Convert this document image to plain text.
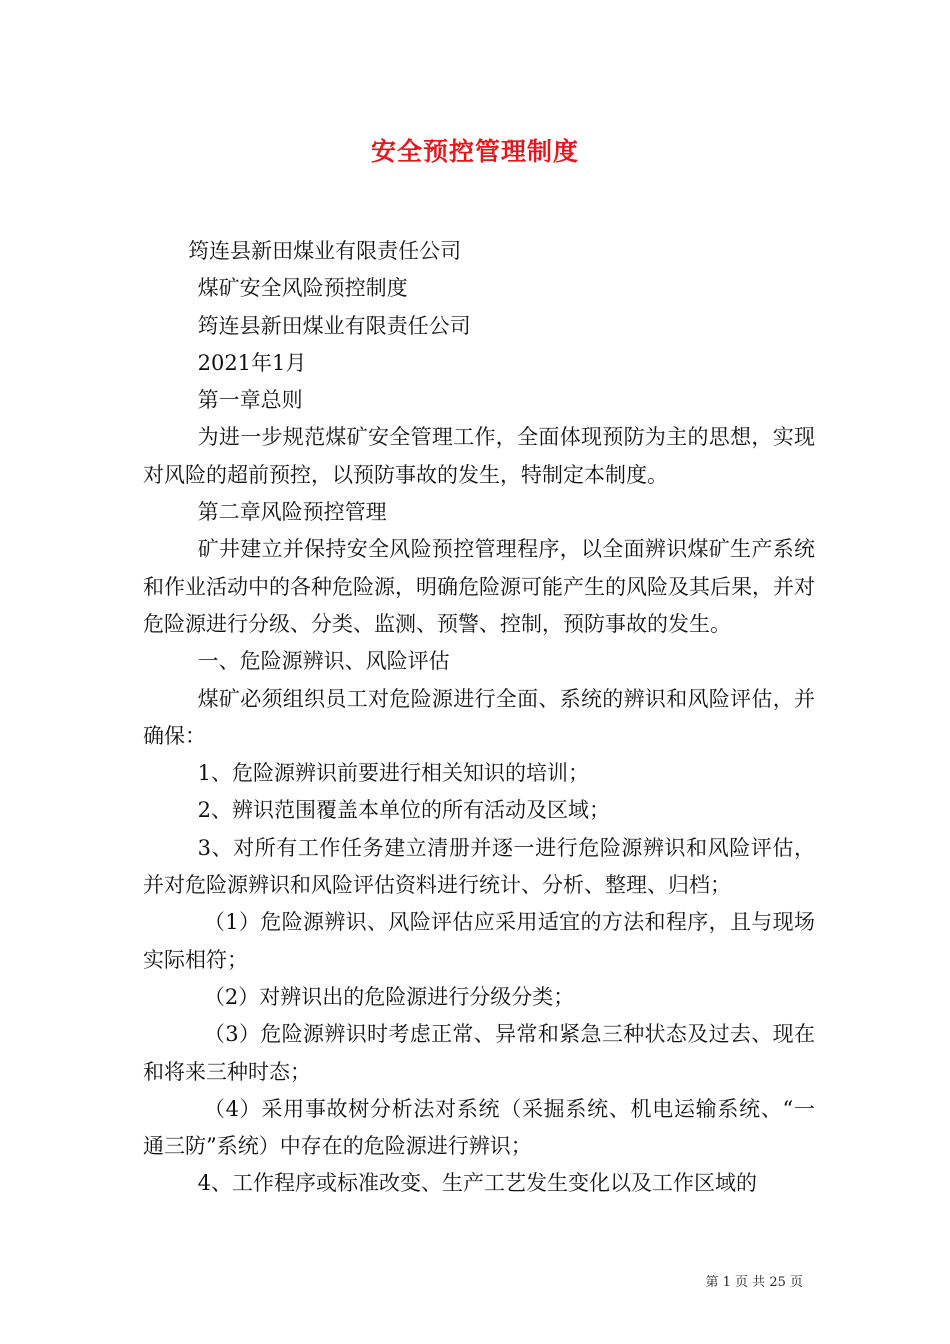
安全预控管理制度

筠连县新田煤业有限责任公司

煤矿安全风险预控制度

筠连县新田煤业有限责任公司

2021年1月

第一章总则

为进一步规范煤矿安全管理工作，全面体现预防为主的思想，实现对风险的超前预控，以预防事故的发生，特制定本制度。

第二章风险预控管理

矿井建立并保持安全风险预控管理程序，以全面辨识煤矿生产系统和作业活动中的各种危险源，明确危险源可能产生的风险及其后果，并对危险源进行分级、分类、监测、预警、控制，预防事故的发生。

一、危险源辨识、风险评估

煤矿必须组织员工对危险源进行全面、系统的辨识和风险评估，并确保：

1、危险源辨识前要进行相关知识的培训；

2、辨识范围覆盖本单位的所有活动及区域；

3、对所有工作任务建立清册并逐一进行危险源辨识和风险评估，并对危险源辨识和风险评估资料进行统计、分析、整理、归档；

（1）危险源辨识、风险评估应采用适宜的方法和程序，且与现场实际相符；

（2）对辨识出的危险源进行分级分类；

（3）危险源辨识时考虑正常、异常和紧急三种状态及过去、现在和将来三种时态；

（4）采用事故树分析法对系统（采掘系统、机电运输系统、“一通三防”系统）中存在的危险源进行辨识；

4、工作程序或标准改变、生产工艺发生变化以及工作区域的

第 1 页 共 25 页
